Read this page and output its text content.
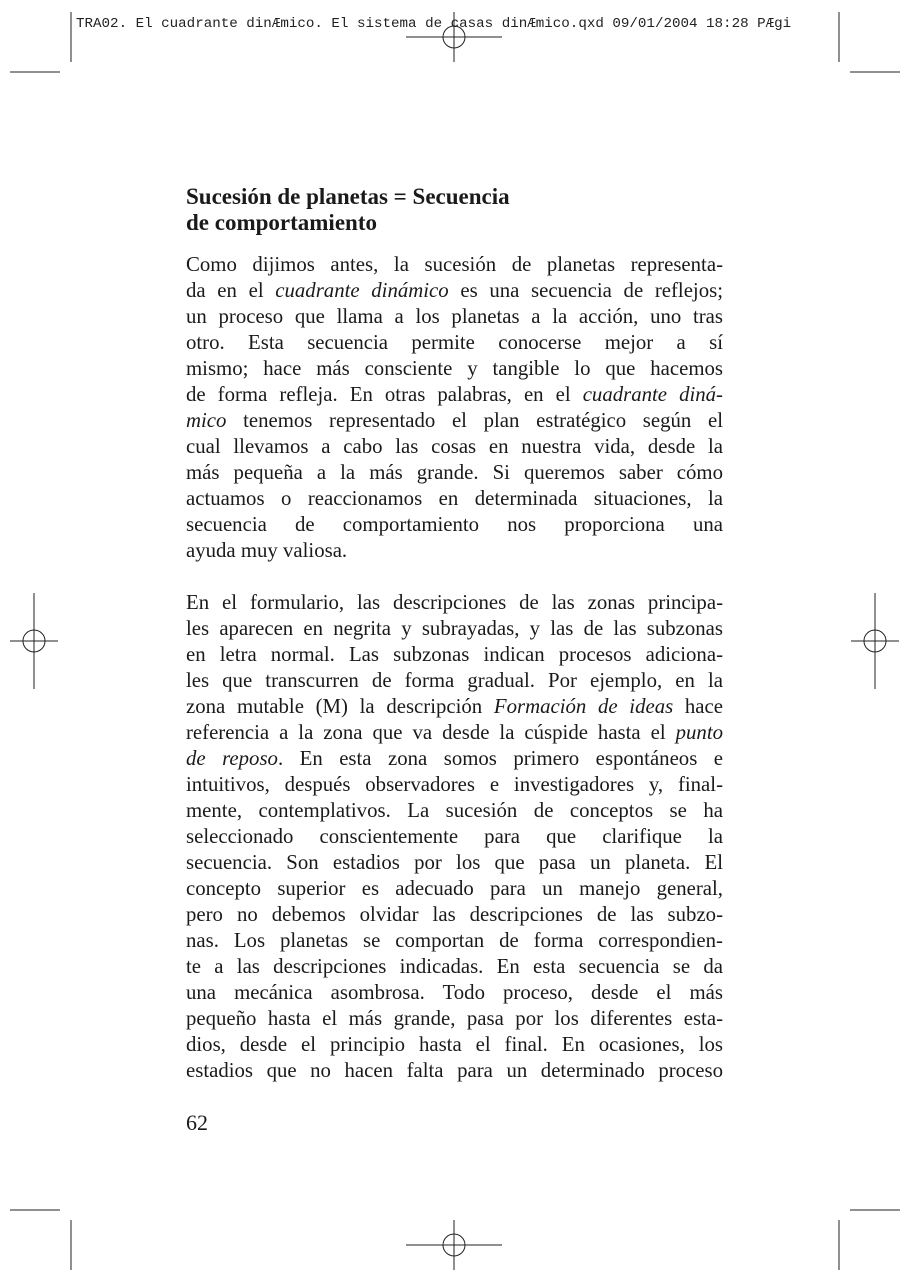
TRA02. El cuadrante dinÆmico. El sistema de casas dinÆmico.qxd 09/01/2004 18:28 PÆgi
Sucesión de planetas = Secuencia
de comportamiento
Como dijimos antes, la sucesión de planetas representa-
da en el cuadrante dinámico es una secuencia de reflejos;
un proceso que llama a los planetas a la acción, uno tras
otro. Esta secuencia permite conocerse mejor a sí
mismo; hace más consciente y tangible lo que hacemos
de forma refleja. En otras palabras, en el cuadrante diná-
mico tenemos representado el plan estratégico según el
cual llevamos a cabo las cosas en nuestra vida, desde la
más pequeña a la más grande. Si queremos saber cómo
actuamos o reaccionamos en determinada situaciones, la
secuencia de comportamiento nos proporciona una
ayuda muy valiosa.
En el formulario, las descripciones de las zonas principa-
les aparecen en negrita y subrayadas, y las de las subzonas
en letra normal. Las subzonas indican procesos adiciona-
les que transcurren de forma gradual. Por ejemplo, en la
zona mutable (M) la descripción Formación de ideas hace
referencia a la zona que va desde la cúspide hasta el punto
de reposo. En esta zona somos primero espontáneos e
intuitivos, después observadores e investigadores y, final-
mente, contemplativos. La sucesión de conceptos se ha
seleccionado conscientemente para que clarifique la
secuencia. Son estadios por los que pasa un planeta. El
concepto superior es adecuado para un manejo general,
pero no debemos olvidar las descripciones de las subzo-
nas. Los planetas se comportan de forma correspondien-
te a las descripciones indicadas. En esta secuencia se da
una mecánica asombrosa. Todo proceso, desde el más
pequeño hasta el más grande, pasa por los diferentes esta-
dios, desde el principio hasta el final. En ocasiones, los
estadios que no hacen falta para un determinado proceso
62
